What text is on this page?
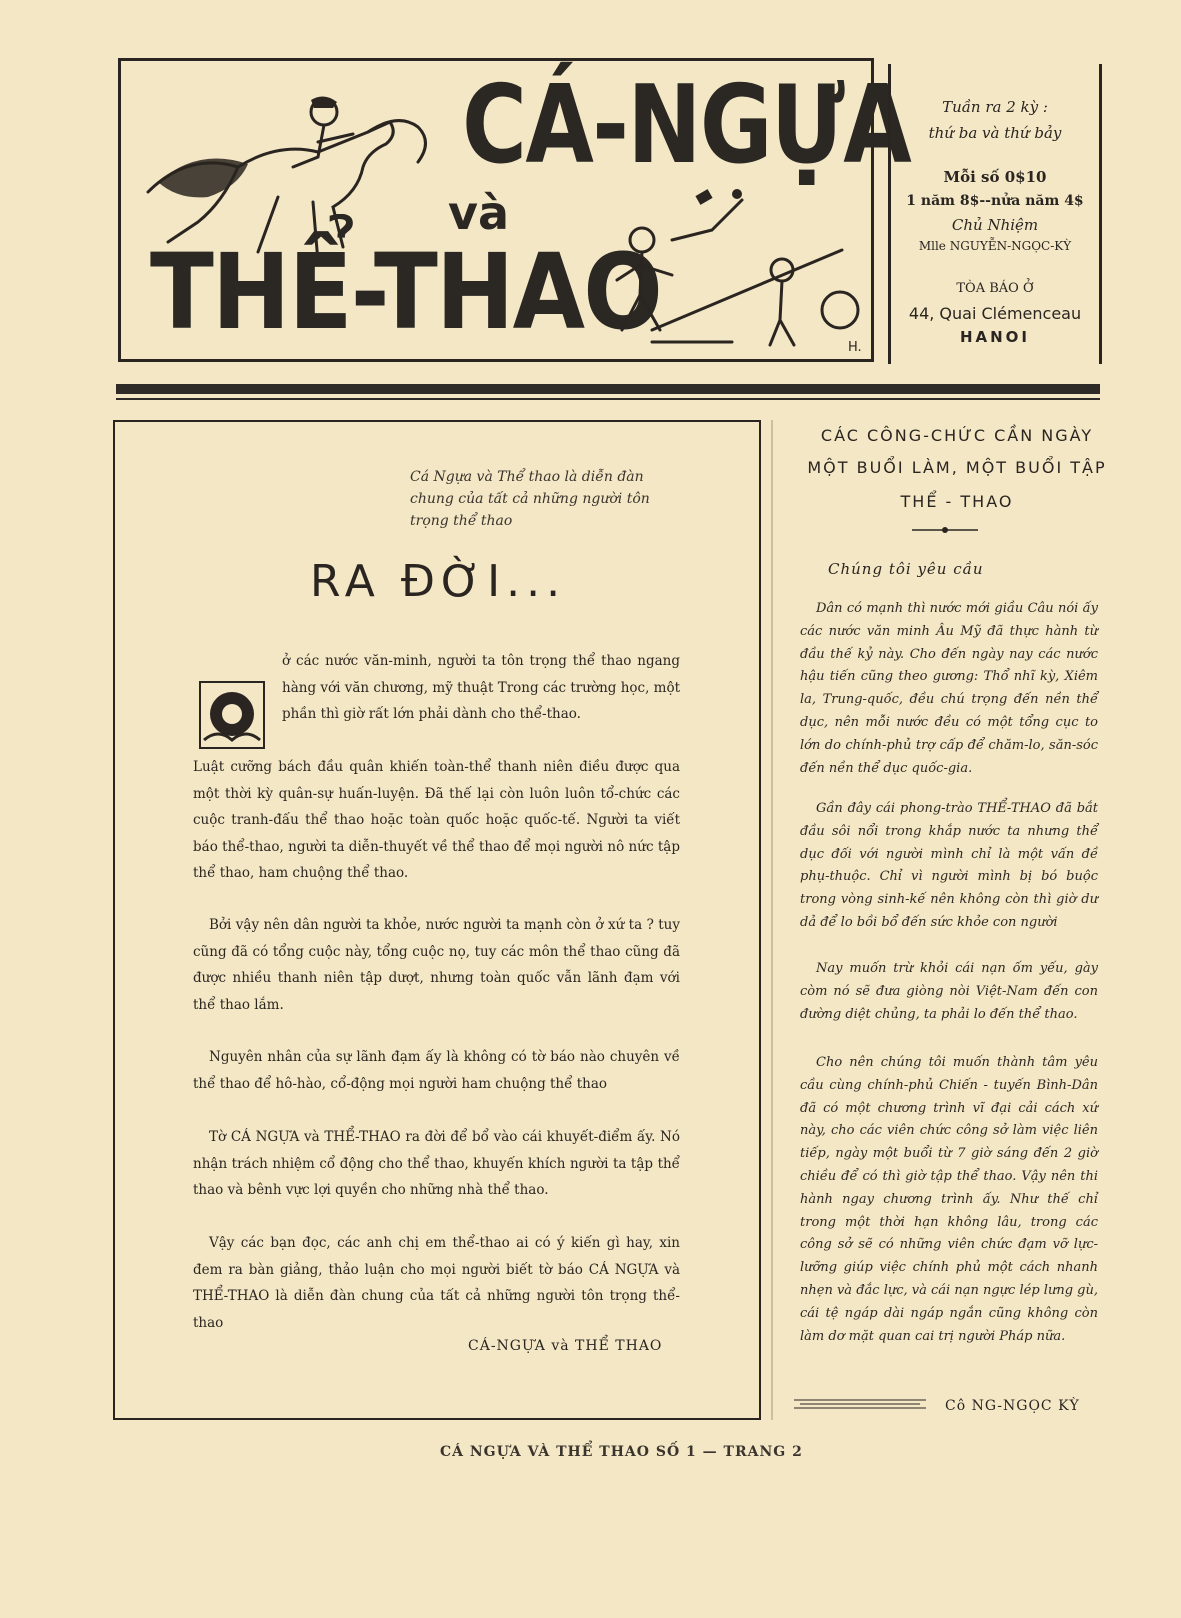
CÁ-NGỰA
và
THỂ-THAO	H.
Tuần ra 2 kỳ :
thứ ba và thứ bảy
Mỗi số 0$10
1 năm 8$--nửa năm 4$
Chủ Nhiệm
Mlle NGUYỄN-NGỌC-KỲ
TÒA BÁO Ở
44, Quai Clémenceau
HANOI
Cá Ngựa và Thể thao là diễn đàn chung của tất cả những người tôn trọng thể thao
RA ĐỜI...
ở các nước văn-minh, người ta tôn trọng thể thao ngang hàng với văn chương, mỹ thuật Trong các trường học, một phần thì giờ rất lớn phải dành cho thể-thao.
Luật cưỡng bách đầu quân khiến toàn-thể thanh niên điều được qua một thời kỳ quân-sự huấn-luyện. Đã thế lại còn luôn luôn tổ-chức các cuộc tranh-đấu thể thao hoặc toàn quốc hoặc quốc-tế. Người ta viết báo thể-thao, người ta diễn-thuyết về thể thao để mọi người nô nức tập thể thao, ham chuộng thể thao.
Bởi vậy nên dân người ta khỏe, nước người ta mạnh còn ở xứ ta ? tuy cũng đã có tổng cuộc này, tổng cuộc nọ, tuy các môn thể thao cũng đã được nhiều thanh niên tập dượt, nhưng toàn quốc vẫn lãnh đạm với thể thao lắm.
Nguyên nhân của sự lãnh đạm ấy là không có tờ báo nào chuyên về thể thao để hô-hào, cổ-động mọi người ham chuộng thể thao
Tờ CÁ NGỰA và THỂ-THAO ra đời để bổ vào cái khuyết-điểm ấy. Nó nhận trách nhiệm cổ động cho thể thao, khuyến khích người ta tập thể thao và bênh vực lợi quyền cho những nhà thể thao.
Vậy các bạn đọc, các anh chị em thể-thao ai có ý kiến gì hay, xin đem ra bàn giảng, thảo luận cho mọi người biết tờ báo CÁ NGỰA và THỂ-THAO là diễn đàn chung của tất cả những người tôn trọng thể-thao
CÁ-NGỰA và THỂ THAO
CÁC CÔNG-CHỨC CẦN NGÀY
MỘT BUỔI LÀM, MỘT BUỔI TẬP
THỂ - THAO
Chúng tôi yêu cầu
Dân có mạnh thì nước mới giầu Câu nói ấy các nước văn minh Âu Mỹ đã thực hành từ đầu thế kỷ này. Cho đến ngày nay các nước hậu tiến cũng theo gương: Thổ nhĩ kỳ, Xiêm la, Trung-quốc, đều chú trọng đến nền thể dục, nên mỗi nước đều có một tổng cục to lớn do chính-phủ trợ cấp để chăm-lo, săn-sóc đến nền thể dục quốc-gia.
Gần đây cái phong-trào THỂ-THAO đã bắt đầu sôi nổi trong khắp nước ta nhưng thể dục đối với người mình chỉ là một vấn đề phụ-thuộc. Chỉ vì người mình bị bó buộc trong vòng sinh-kế nên không còn thì giờ dư dả để lo bồi bổ đến sức khỏe con người
Nay muốn trừ khỏi cái nạn ốm yếu, gày còm nó sẽ đưa giòng nòi Việt-Nam đến con đường diệt chủng, ta phải lo đến thể thao.
Cho nên chúng tôi muốn thành tâm yêu cầu cùng chính-phủ Chiến - tuyến Bình-Dân đã có một chương trình vĩ đại cải cách xứ này, cho các viên chức công sở làm việc liên tiếp, ngày một buổi từ 7 giờ sáng đến 2 giờ chiều để có thì giờ tập thể thao. Vậy nên thi hành ngay chương trình ấy. Như thế chỉ trong một thời hạn không lâu, trong các công sở sẽ có những viên chức đạm vỡ lực-lưỡng giúp việc chính phủ một cách nhanh nhẹn và đắc lực, và cái nạn ngực lép lưng gù, cái tệ ngáp dài ngáp ngắn cũng không còn làm dơ mặt quan cai trị người Pháp nữa.
Cô NG-NGỌC KỲ
CÁ NGỰA VÀ THỂ THAO SỐ 1 — TRANG 2
